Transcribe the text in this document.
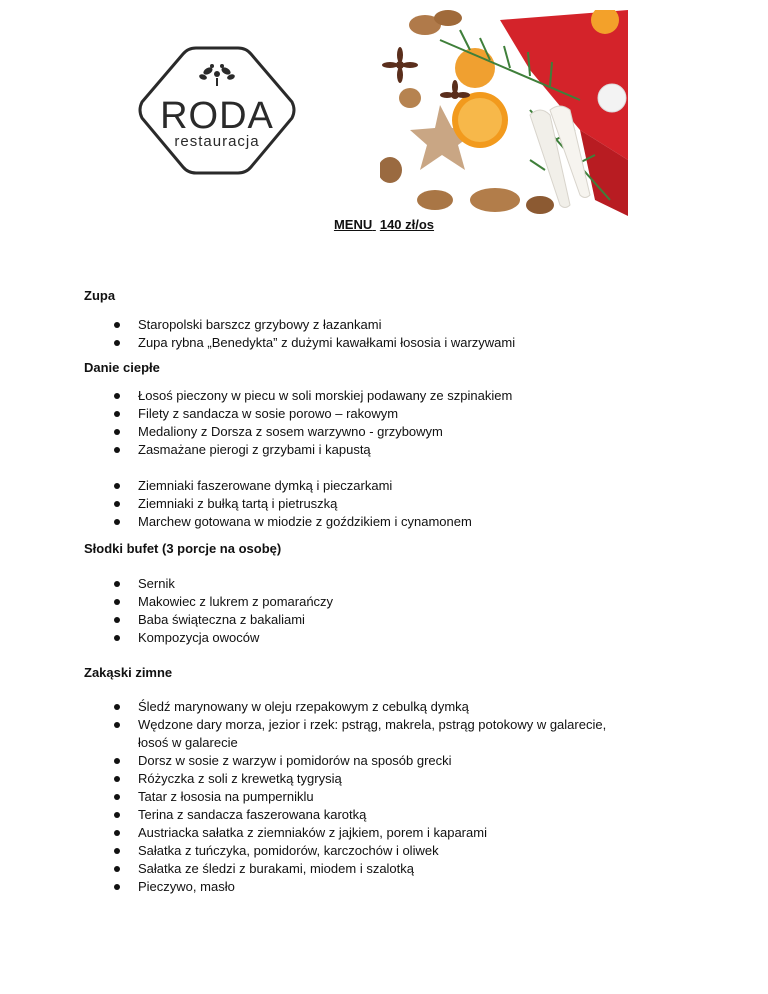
RODA
restauracja
MENU 140 zł/os
Zupa
Staropolski barszcz grzybowy z łazankami
Zupa rybna „Benedykta” z dużymi kawałkami łososia i warzywami
Danie ciepłe
Łosoś pieczony w piecu w soli morskiej podawany ze szpinakiem
Filety z sandacza w sosie porowo – rakowym
Medaliony z Dorsza z sosem warzywno - grzybowym
Zasmażane pierogi z grzybami i kapustą
Ziemniaki faszerowane dymką i pieczarkami
Ziemniaki z bułką tartą i pietruszką
Marchew gotowana w miodzie z goździkiem i cynamonem
Słodki bufet (3 porcje na osobę)
Sernik
Makowiec z lukrem z pomarańczy
Baba świąteczna z bakaliami
Kompozycja owoców
Zakąski zimne
Śledź marynowany w oleju rzepakowym z cebulką dymką
Wędzone dary morza, jezior i rzek: pstrąg, makrela, pstrąg potokowy w galarecie,
łosoś w galarecie
Dorsz w sosie z warzyw i pomidorów na sposób grecki
Różyczka z soli z krewetką tygrysią
Tatar z łososia na pumperniklu
Terina z sandacza faszerowana karotką
Austriacka sałatka z ziemniaków z jajkiem, porem i kaparami
Sałatka z tuńczyka, pomidorów, karczochów i oliwek
Sałatka ze śledzi z burakami, miodem i szalotką
Pieczywo, masło
